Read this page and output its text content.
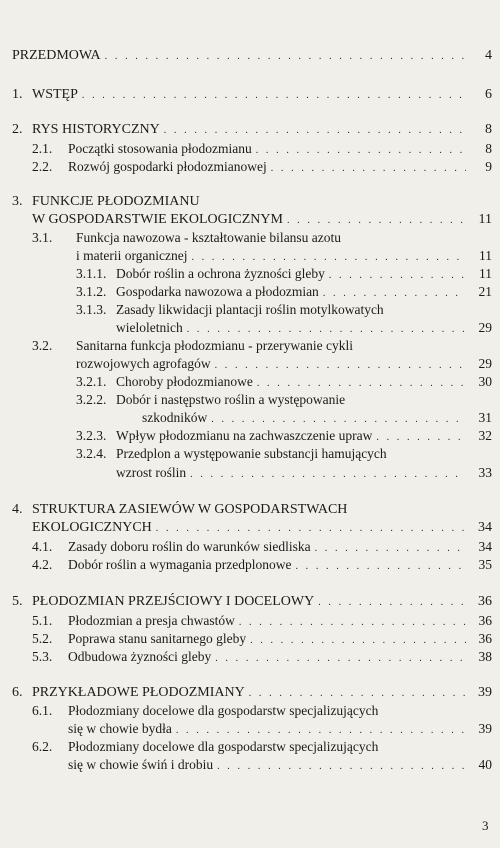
PRZEDMOWA . . .	4
1. WSTĘP . . .	6
2. RYS HISTORYCZNY . . .	8
2.1.	Początki stosowania płodozmianu . . .	8
2.2.	Rozwój gospodarki płodozmianowej . . .	9
3. FUNKCJE PŁODOZMIANU
W GOSPODARSTWIE EKOLOGICZNYM . . .	11
3.1. Funkcja nawozowa - kształtowanie bilansu azotu
i materii organicznej . . .	11
3.1.1. Dobór roślin a ochrona żyzności gleby . . .	11
3.1.2. Gospodarka nawozowa a płodozmian . . .	21
3.1.3. Zasady likwidacji plantacji roślin motylkowatych
wieloletnich . . .	29
3.2. Sanitarna funkcja płodozmianu - przerywanie cykli
rozwojowych agrofagów . . .	29
3.2.1. Choroby płodozmianowe . . .	30
3.2.2. Dobór i następstwo roślin a występowanie
szkodników . . .	31
3.2.3. Wpływ płodozmianu na zachwaszczenie upraw . . .	32
3.2.4. Przedplon a występowanie substancji hamujących
wzrost roślin . . .	33
4. STRUKTURA ZASIEWÓW W GOSPODARSTWACH
EKOLOGICZNYCH . . .	34
4.1.	Zasady doboru roślin do warunków siedliska . . .	34
4.2.	Dobór roślin a wymagania przedplonowe . . .	35
5. PŁODOZMIAN PRZEJŚCIOWY I DOCELOWY . . .	36
5.1.	Płodozmian a presja chwastów . . .	36
5.2.	Poprawa stanu sanitarnego gleby . . .	36
5.3.	Odbudowa żyzności gleby . . .	38
6. PRZYKŁADOWE PŁODOZMIANY . . .	39
6.1. Płodozmiany docelowe dla gospodarstw specjalizujących
się w chowie bydła . . .	39
6.2. Płodozmiany docelowe dla gospodarstw specjalizujących
się w chowie świń i drobiu . . .	40
3
